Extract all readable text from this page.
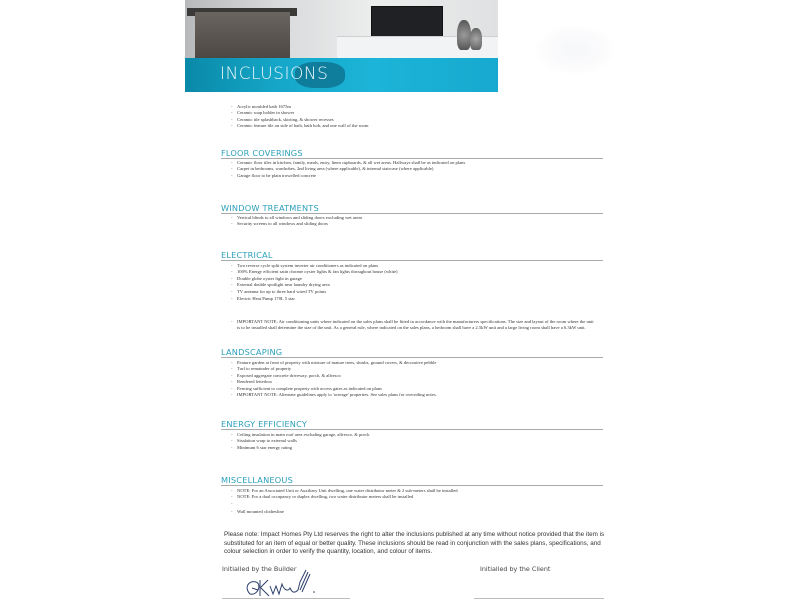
INCLUSIONS
- Acrylic moulded bath 1675m
- Ceramic soap holder in shower
- Ceramic tile splashback, skirting, & shower recesses
- Ceramic feature tile on side of bath, bath hob, and one wall of the room
FLOOR COVERINGS
- Ceramic floor tiles in kitchen, family, meals, entry, linen cupboards, & all wet areas. Hallways shall be as indicated on plans
- Carpet in bedrooms, wardrobes, 2nd living area (where applicable), & internal staircase (where applicable)
- Garage floor to be plain trowelled concrete
WINDOW TREATMENTS
- Vertical blinds to all windows and sliding doors excluding wet areas
- Security screens to all windows and sliding doors
ELECTRICAL
- Two reverse cycle split system inverter air conditioners as indicated on plans
- 100% Energy efficient satin chrome oyster lights & fan lights throughout house (white)
- Double globe oyster light in garage
- External double spotlight near laundry drying area
- TV antenna for up to three hard wired TV points
- Electric Heat Pump 170L 5 star
- IMPORTANT NOTE: Air conditioning units where indicated on the sales plans shall be fitted in accordance with the manufacturers specifications. The size and layout of the room where the unit is to be installed shall determine the size of the unit. As a general rule, where indicated on the sales plans, a bedroom shall have a 2.5kW unit and a large living room shall have a 6.3kW unit.
LANDSCAPING
- Feature garden at front of property with mixture of mature trees, shrubs, ground covers, & decorative pebble
- Turf to remainder of property
- Exposed aggregate concrete driveway, porch, & alfresco
- Rendered letterbox
- Fencing sufficient to complete property with access gates as indicated on plans
- IMPORTANT NOTE: Alternate guidelines apply to 'acreage' properties. See sales plans for overriding notes.
ENERGY EFFICIENCY
- Ceiling insulation in main roof area excluding garage, alfresco, & porch
- Sisalation wrap to external walls
- Minimum 6 star energy rating
MISCELLANEOUS
- NOTE: For an Associated Unit or Auxiliary Unit dwelling, one water distributor meter & 2 sub-meters shall be installed
- NOTE: For a dual occupancy or duplex dwelling, two water distributor meters shall be installed
-
- Wall mounted clothesline
Please note: Impact Homes Pty Ltd reserves the right to alter the inclusions published at any time without notice provided that the item is substituted for an item of equal or better quality. These inclusions should be read in conjunction with the sales plans, specifications, and colour selection in order to verify the quantity, location, and colour of items.
Initialled by the Builder	Initialled by the Client
